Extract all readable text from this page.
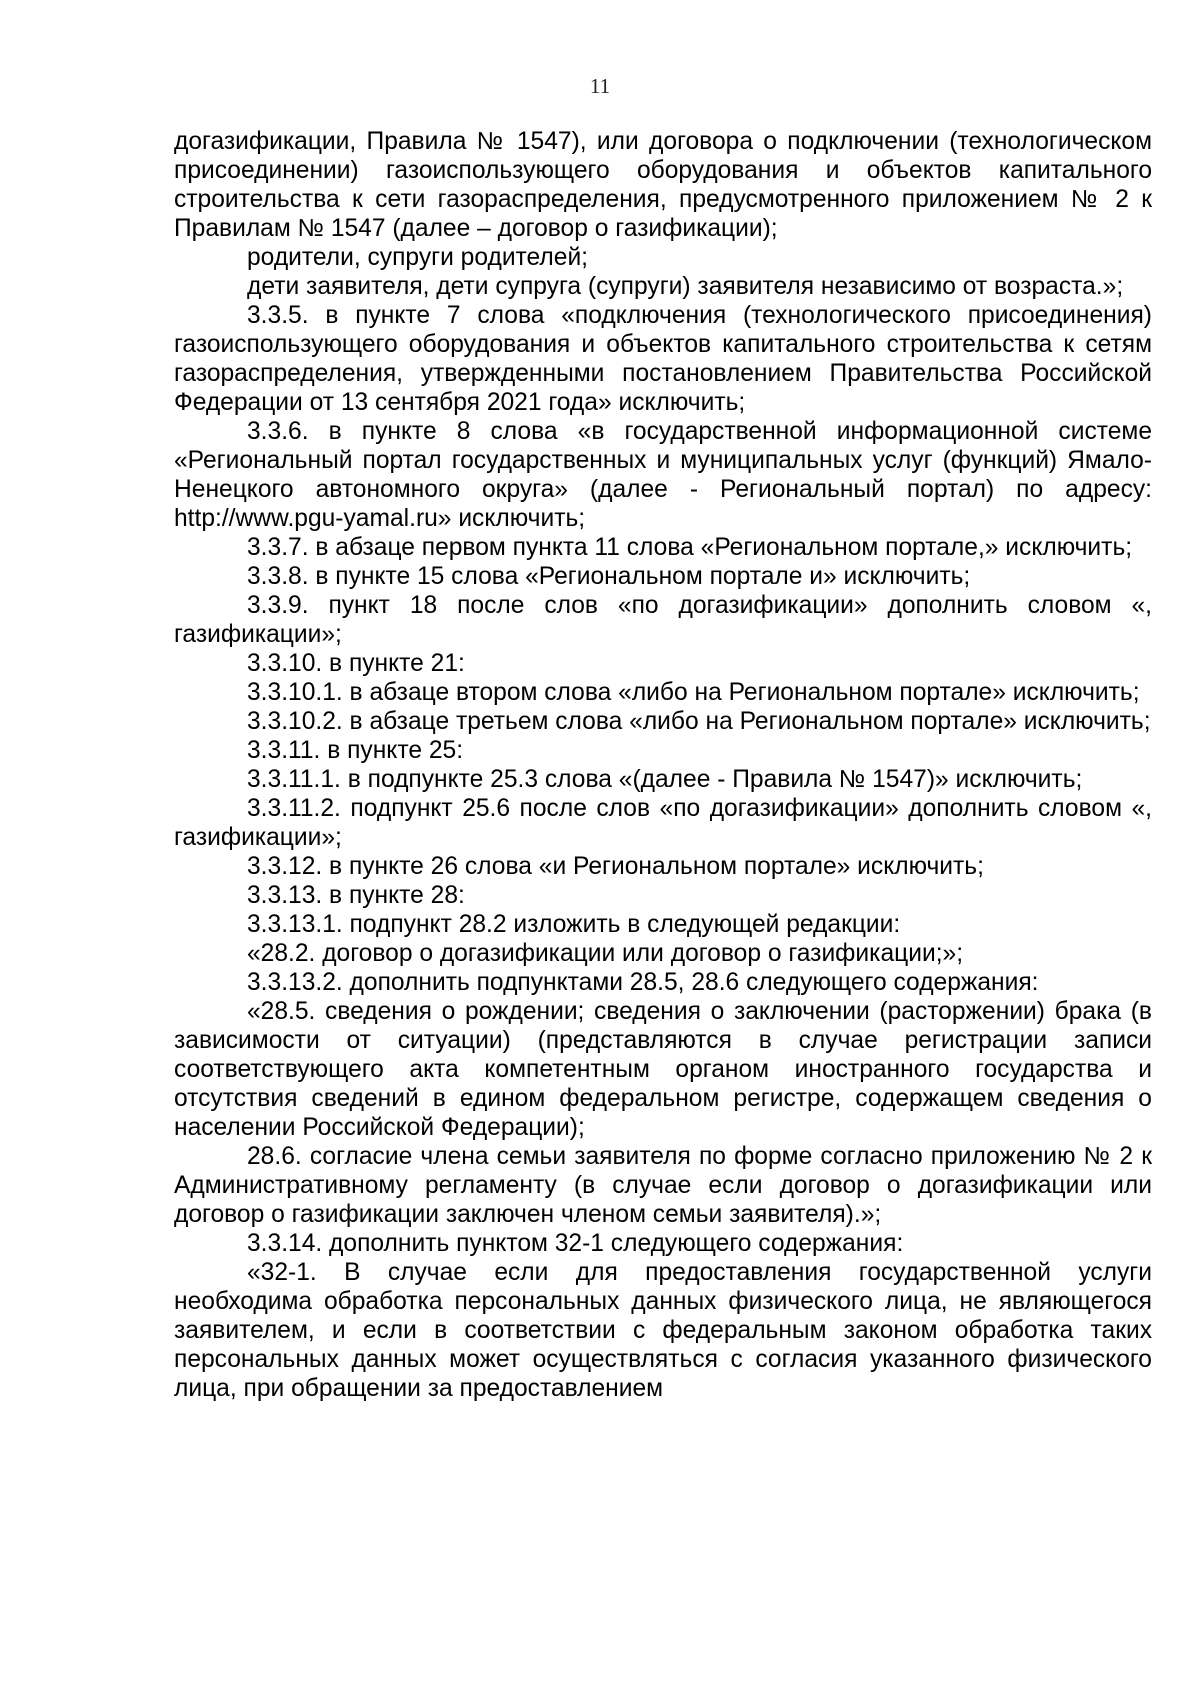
11

догазификации, Правила № 1547), или договора о подключении (технологическом присоединении) газоиспользующего оборудования и объектов капитального строительства к сети газораспределения, предусмотренного приложением № 2 к Правилам № 1547 (далее – договор о газификации);

родители, супруги родителей;

дети заявителя, дети супруга (супруги) заявителя независимо от возраста.»;

3.3.5. в пункте 7 слова «подключения (технологического присоединения) газоиспользующего оборудования и объектов капитального строительства к сетям газораспределения, утвержденными постановлением Правительства Российской Федерации от 13 сентября 2021 года» исключить;

3.3.6. в пункте 8 слова «в государственной информационной системе «Региональный портал государственных и муниципальных услуг (функций) Ямало-Ненецкого автономного округа» (далее - Региональный портал) по адресу: http://www.pgu-yamal.ru» исключить;

3.3.7. в абзаце первом пункта 11 слова «Региональном портале,» исключить;

3.3.8. в пункте 15 слова «Региональном портале и» исключить;

3.3.9. пункт 18 после слов «по догазификации» дополнить словом «, газификации»;

3.3.10. в пункте 21:

3.3.10.1. в абзаце втором слова «либо на Региональном портале» исключить;

3.3.10.2. в абзаце третьем слова «либо на Региональном портале» исключить;

3.3.11. в пункте 25:

3.3.11.1. в подпункте 25.3 слова «(далее - Правила № 1547)» исключить;

3.3.11.2. подпункт 25.6 после слов «по догазификации» дополнить словом «, газификации»;

3.3.12. в пункте 26 слова «и Региональном портале» исключить;

3.3.13. в пункте 28:

3.3.13.1. подпункт 28.2 изложить в следующей редакции:

«28.2. договор о догазификации или договор о газификации;»;

3.3.13.2. дополнить подпунктами 28.5, 28.6 следующего содержания:

«28.5. сведения о рождении; сведения о заключении (расторжении) брака (в зависимости от ситуации) (представляются в случае регистрации записи соответствующего акта компетентным органом иностранного государства и отсутствия сведений в едином федеральном регистре, содержащем сведения о населении Российской Федерации);

28.6. согласие члена семьи заявителя по форме согласно приложению № 2 к Административному регламенту (в случае если договор о догазификации или договор о газификации заключен членом семьи заявителя).»;

3.3.14. дополнить пунктом 32-1 следующего содержания:

«32-1. В случае если для предоставления государственной услуги необходима обработка персональных данных физического лица, не являющегося заявителем, и если в соответствии с федеральным законом обработка таких персональных данных может осуществляться с согласия указанного физического лица, при обращении за предоставлением
